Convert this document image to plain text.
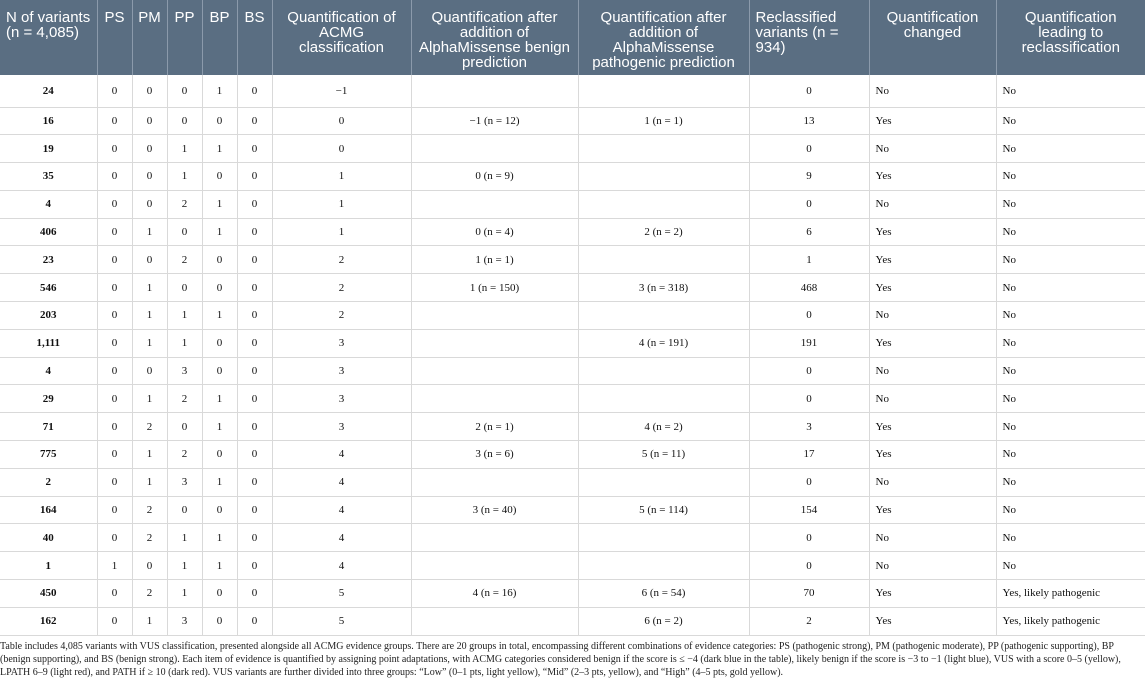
N of variants (n = 4,085)	PS	PM	PP	BP	BS	Quantification of ACMG classification	Quantification after addition of AlphaMissense benign prediction	Quantification after addition of AlphaMissense pathogenic prediction	Reclassified variants (n = 934)	Quantification changed	Quantification leading to reclassification
24	0	0	0	1	0	−1			0	No	No
16	0	0	0	0	0	0	−1 (n = 12)	1 (n = 1)	13	Yes	No
19	0	0	1	1	0	0			0	No	No
35	0	0	1	0	0	1	0 (n = 9)		9	Yes	No
4	0	0	2	1	0	1			0	No	No
406	0	1	0	1	0	1	0 (n = 4)	2 (n = 2)	6	Yes	No
23	0	0	2	0	0	2	1 (n = 1)		1	Yes	No
546	0	1	0	0	0	2	1 (n = 150)	3 (n = 318)	468	Yes	No
203	0	1	1	1	0	2			0	No	No
1,111	0	1	1	0	0	3		4 (n = 191)	191	Yes	No
4	0	0	3	0	0	3			0	No	No
29	0	1	2	1	0	3			0	No	No
71	0	2	0	1	0	3	2 (n = 1)	4 (n = 2)	3	Yes	No
775	0	1	2	0	0	4	3 (n = 6)	5 (n = 11)	17	Yes	No
2	0	1	3	1	0	4			0	No	No
164	0	2	0	0	0	4	3 (n = 40)	5 (n = 114)	154	Yes	No
40	0	2	1	1	0	4			0	No	No
1	1	0	1	1	0	4			0	No	No
450	0	2	1	0	0	5	4 (n = 16)	6 (n = 54)	70	Yes	Yes, likely pathogenic
162	0	1	3	0	0	5		6 (n = 2)	2	Yes	Yes, likely pathogenic
Table includes 4,085 variants with VUS classification, presented alongside all ACMG evidence groups. There are 20 groups in total, encompassing different combinations of evidence categories: PS (pathogenic strong), PM (pathogenic moderate), PP (pathogenic supporting), BP (benign supporting), and BS (benign strong). Each item of evidence is quantified by assigning point adaptations, with ACMG categories considered benign if the score is ≤ −4 (dark blue in the table), likely benign if the score is −3 to −1 (light blue), VUS with a score 0–5 (yellow), LPATH 6–9 (light red), and PATH if ≥ 10 (dark red). VUS variants are further divided into three groups: “Low” (0–1 pts, light yellow), “Mid” (2–3 pts, yellow), and “High” (4–5 pts, gold yellow).
